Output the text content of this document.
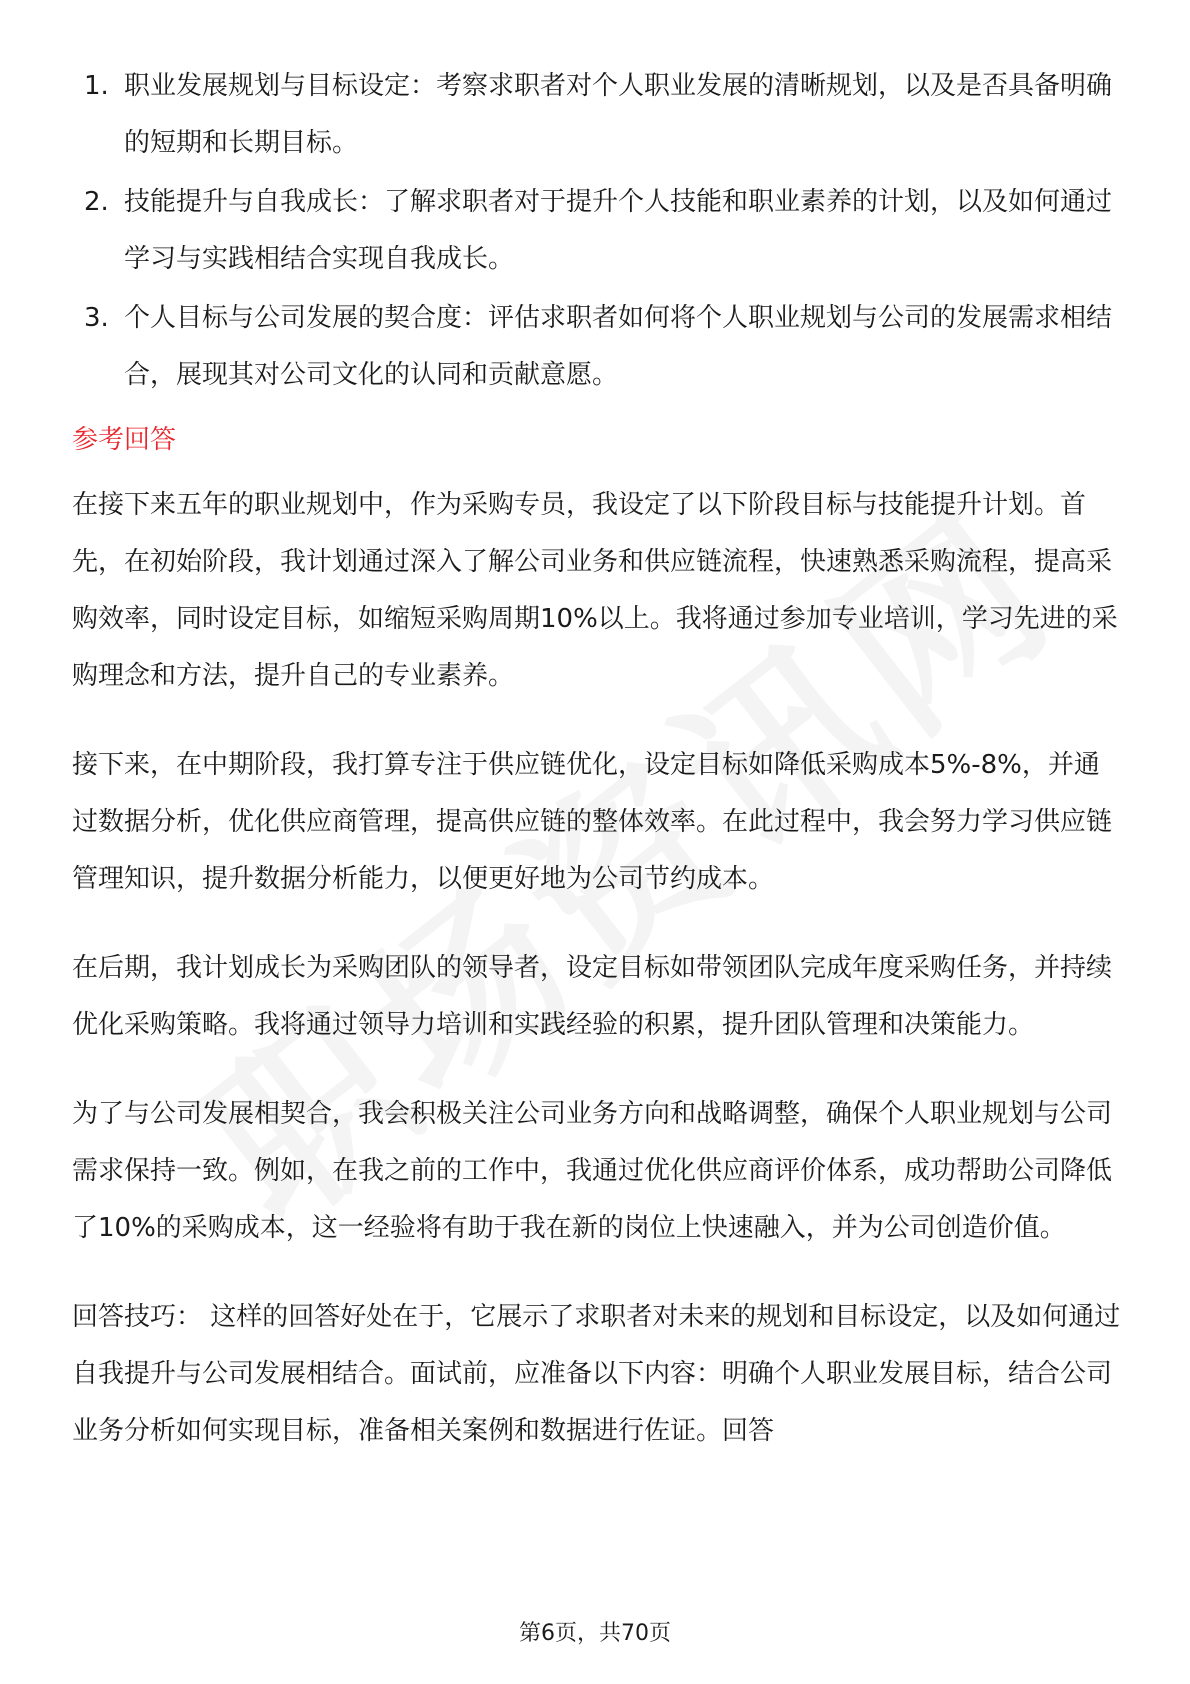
1. 职业发展规划与目标设定：考察求职者对个人职业发展的清晰规划，以及是否具备明确的短期和长期目标。
2. 技能提升与自我成长：了解求职者对于提升个人技能和职业素养的计划，以及如何通过学习与实践相结合实现自我成长。
3. 个人目标与公司发展的契合度：评估求职者如何将个人职业规划与公司的发展需求相结合，展现其对公司文化的认同和贡献意愿。
参考回答

在接下来五年的职业规划中，作为采购专员，我设定了以下阶段目标与技能提升计划。首先，在初始阶段，我计划通过深入了解公司业务和供应链流程，快速熟悉采购流程，提高采购效率，同时设定目标，如缩短采购周期10%以上。我将通过参加专业培训，学习先进的采购理念和方法，提升自己的专业素养。

接下来，在中期阶段，我打算专注于供应链优化，设定目标如降低采购成本5%-8%，并通过数据分析，优化供应商管理，提高供应链的整体效率。在此过程中，我会努力学习供应链管理知识，提升数据分析能力，以便更好地为公司节约成本。

在后期，我计划成长为采购团队的领导者，设定目标如带领团队完成年度采购任务，并持续优化采购策略。我将通过领导力培训和实践经验的积累，提升团队管理和决策能力。

为了与公司发展相契合，我会积极关注公司业务方向和战略调整，确保个人职业规划与公司需求保持一致。例如，在我之前的工作中，我通过优化供应商评价体系，成功帮助公司降低了10%的采购成本，这一经验将有助于我在新的岗位上快速融入，并为公司创造价值。

回答技巧： 这样的回答好处在于，它展示了求职者对未来的规划和目标设定，以及如何通过自我提升与公司发展相结合。面试前，应准备以下内容：明确个人职业发展目标，结合公司业务分析如何实现目标，准备相关案例和数据进行佐证。回答

第6页，共70页
